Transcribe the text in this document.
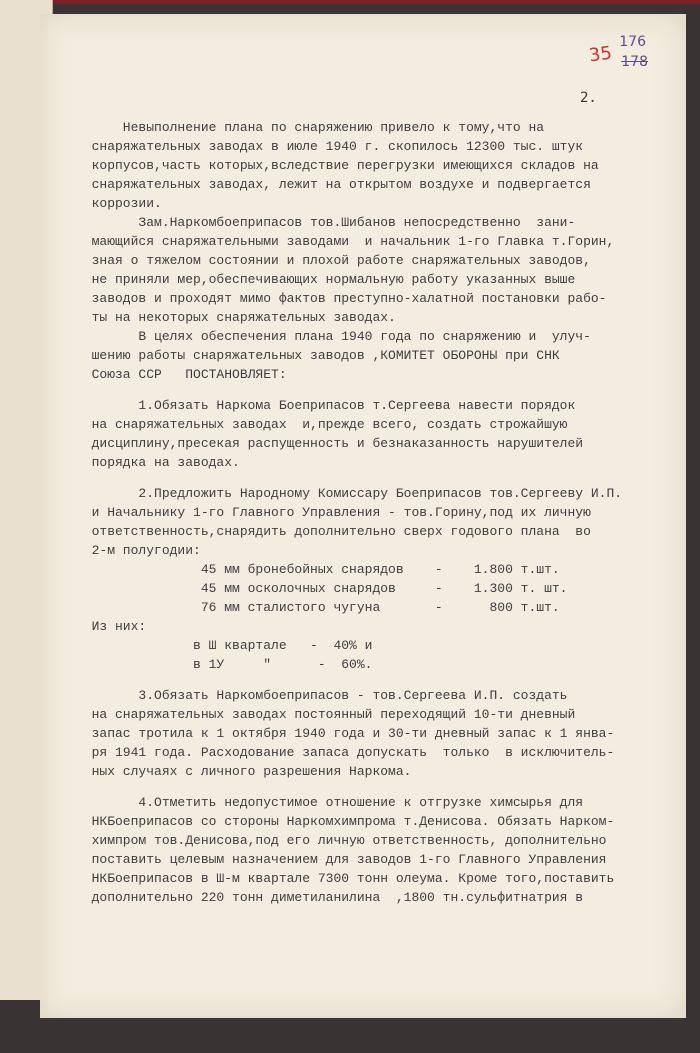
35
176
178
2.
Невыполнение плана по снаряжению привело к тому,что на
снаряжательных заводах в июле 1940 г. скопилось 12300 тыс. штук
корпусов,часть которых,вследствие перегрузки имеющихся складов на
снаряжательных заводах, лежит на открытом воздухе и подвергается
коррозии.
Зам.Наркомбоеприпасов тов.Шибанов непосредственно  зани-
мающийся снаряжательными заводами  и начальник 1-го Главка т.Горин,
зная о тяжелом состоянии и плохой работе снаряжательных заводов,
не приняли мер,обеспечивающих нормальную работу указанных выше
заводов и проходят мимо фактов преступно-халатной постановки рабо-
ты на некоторых снаряжательных заводах.
В целях обеспечения плана 1940 года по снаряжению и  улуч-
шению работы снаряжательных заводов ,КОМИТЕТ ОБОРОНЫ при СНК
Союза ССР   ПОСТАНОВЛЯЕТ:
1.Обязать Наркома Боеприпасов т.Сергеева навести порядок
на снаряжательных заводах  и,прежде всего, создать строжайшую
дисциплину,пресекая распущенность и безнаказанность нарушителей
порядка на заводах.
2.Предложить Народному Комиссару Боеприпасов тов.Сергееву И.П.
и Начальнику 1-го Главного Управления - тов.Горину,под их личную
ответственность,снарядить дополнительно сверх годового плана  во
2-м полугодии:
45 мм бронебойных снарядов    -    1.800 т.шт.
45 мм осколочных снарядов     -    1.300 т. шт.
76 мм сталистого чугуна       -      800 т.шт.
Из них:
в Ш квартале   -  40% и
в 1У     "      -  60%.
3.Обязать Наркомбоеприпасов - тов.Сергеева И.П. создать
на снаряжательных заводах постоянный переходящий 10-ти дневный
запас тротила к 1 октября 1940 года и 30-ти дневный запас к 1 янва-
ря 1941 года. Расходование запаса допускать  только  в исключитель-
ных случаях с личного разрешения Наркома.
4.Отметить недопустимое отношение к отгрузке химсырья для
НКБоеприпасов со стороны Наркомхимпрома т.Денисова. Обязать Нарком-
химпром тов.Денисова,под его личную ответственность, дополнительно
поставить целевым назначением для заводов 1-го Главного Управления
НКБоеприпасов в Ш-м квартале 7300 тонн олеума. Кроме того,поставить
дополнительно 220 тонн диметиланилина  ,1800 тн.сульфитнатрия в
